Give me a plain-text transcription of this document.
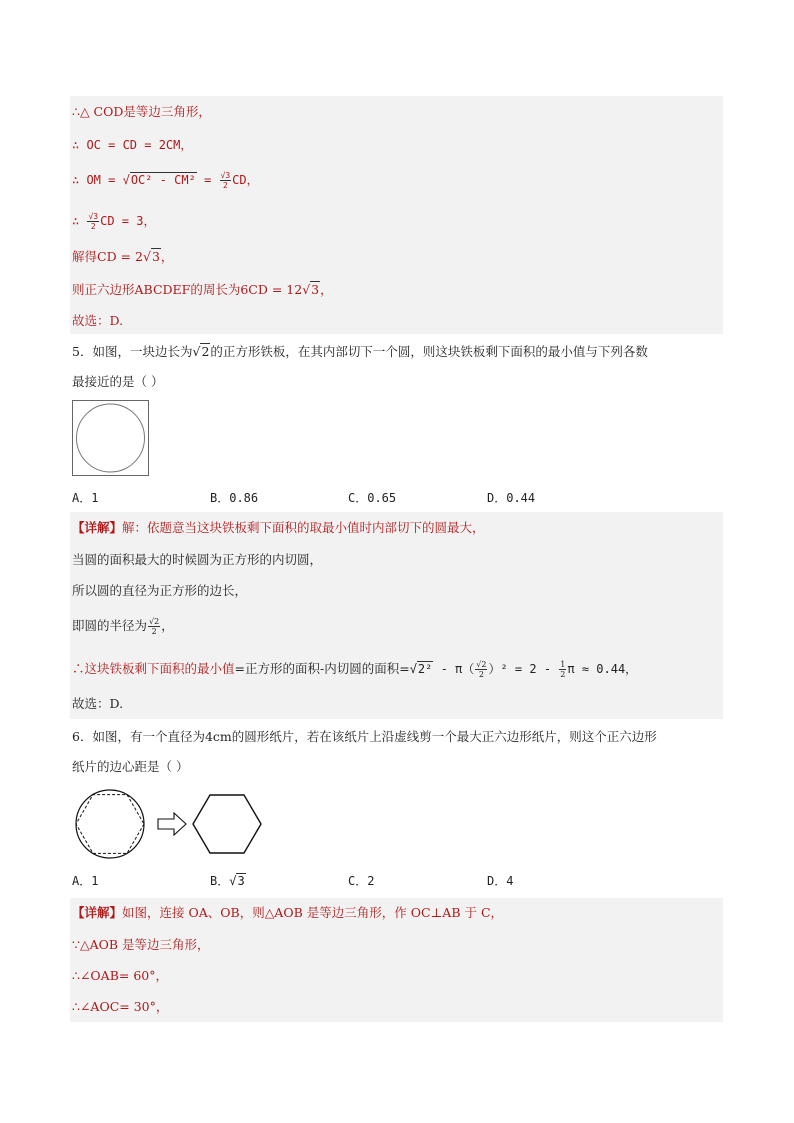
∴△ COD是等边三角形，
∴ OC = CD = 2CM，
∴ OM = $√OC^2 - CM^2 = \frac{√3}{2}$ CD，
∴ $\frac{√3}{2}$ CD = 3，
解得CD = 2√3，
则正六边形ABCDEF的周长为6CD = 12√3，
故选：D.
5．如图，一块边长为√2的正方形铁板，在其内部切下一个圆，则这块铁板剩下面积的最小值与下列各数
最接近的是（ ）
A．1	B．0.86	C．0.65	D．0.44
【详解】解：依题意当这块铁板剩下面积的取最小值时内部切下的圆最大，
当圆的面积最大的时候圆为正方形的内切圆，
所以圆的直径为正方形的边长，
即圆的半径为 $\frac{√2}{2}$ ，
∴这块铁板剩下面积的最小值=正方形的面积-内切圆的面积$=√2^2 - \pi( \frac{√2}{2} )^2 = 2 - \frac{1}{2}$ π ≈ 0.44，
故选：D.
6．如图，有一个直径为4cm的圆形纸片，若在该纸片上沿虚线剪一个最大正六边形纸片，则这个正六边形
纸片的边心距是（ ）
A．1	B．√3	C．2	D．4
【详解】如图，连接 OA、OB，则△AOB 是等边三角形，作 OC⊥AB 于 C，
∵△AOB 是等边三角形，
∴∠OAB= 60°，
∴∠AOC= 30°，
